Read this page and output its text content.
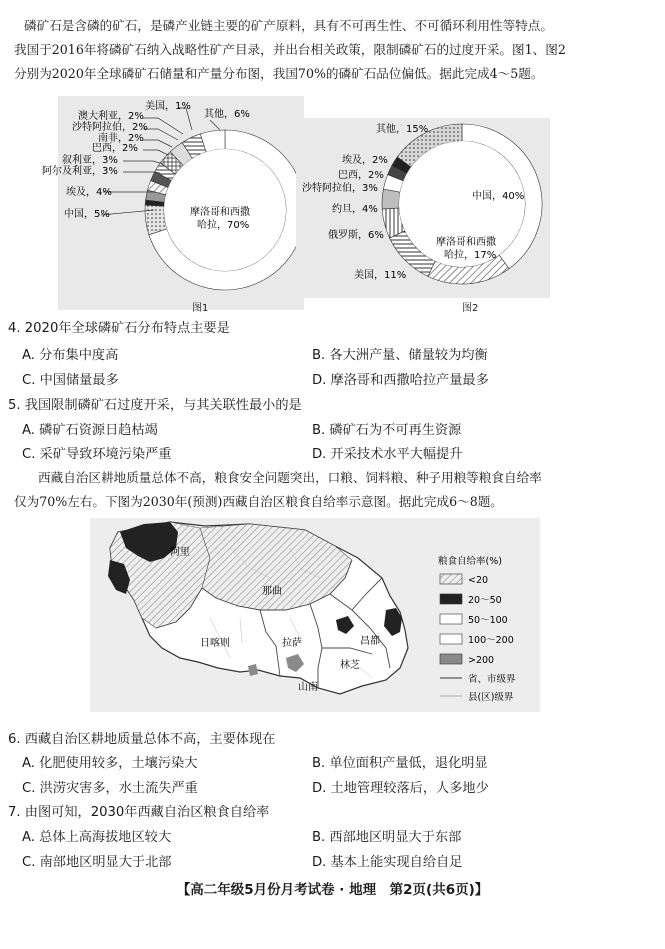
磷矿石是含磷的矿石，是磷产业链主要的矿产原料，具有不可再生性、不可循环利用性等特点。
我国于2016年将磷矿石纳入战略性矿产目录，并出台相关政策，限制磷矿石的过度开采。图1、图2
分别为2020年全球磷矿石储量和产量分布图，我国70%的磷矿石品位偏低。据此完成4～5题。
美国，1%
澳大利亚，2%
沙特阿拉伯，2%
南非，2%
巴西，2%
叙利亚，3%
阿尔及利亚，3%
埃及，4%
中国，5%
其他，6%
摩洛哥和西撒
哈拉，70%
图1
其他，15%
埃及，2%
巴西，2%
沙特阿拉伯，3%
约旦，4%
俄罗斯，6%
美国，11%
中国，40%
摩洛哥和西撒
哈拉，17%
图2
4. 2020年全球磷矿石分布特点主要是
A. 分布集中度高	B. 各大洲产量、储量较为均衡
C. 中国储量最多	D. 摩洛哥和西撒哈拉产量最多
5. 我国限制磷矿石过度开采，与其关联性最小的是
A. 磷矿石资源日趋枯竭	B. 磷矿石为不可再生资源
C. 采矿导致环境污染严重	D. 开采技术水平大幅提升
西藏自治区耕地质量总体不高，粮食安全问题突出，口粮、饲料粮、种子用粮等粮食自给率
仅为70%左右。下图为2030年(预测)西藏自治区粮食自给率示意图。据此完成6～8题。
阿里
那曲
日喀则	拉萨	昌都
林芝
山南
粮食自给率(%)
<20
20～50
50～100
100～200
>200
省、市级界
县(区)级界
6. 西藏自治区耕地质量总体不高，主要体现在
A. 化肥使用较多，土壤污染大	B. 单位面积产量低，退化明显
C. 洪涝灾害多，水土流失严重	D. 土地管理较落后，人多地少
7. 由图可知，2030年西藏自治区粮食自给率
A. 总体上高海拔地区较大	B. 西部地区明显大于东部
C. 南部地区明显大于北部	D. 基本上能实现自给自足
【高二年级5月份月考试卷 · 地理　第2页(共6页)】
